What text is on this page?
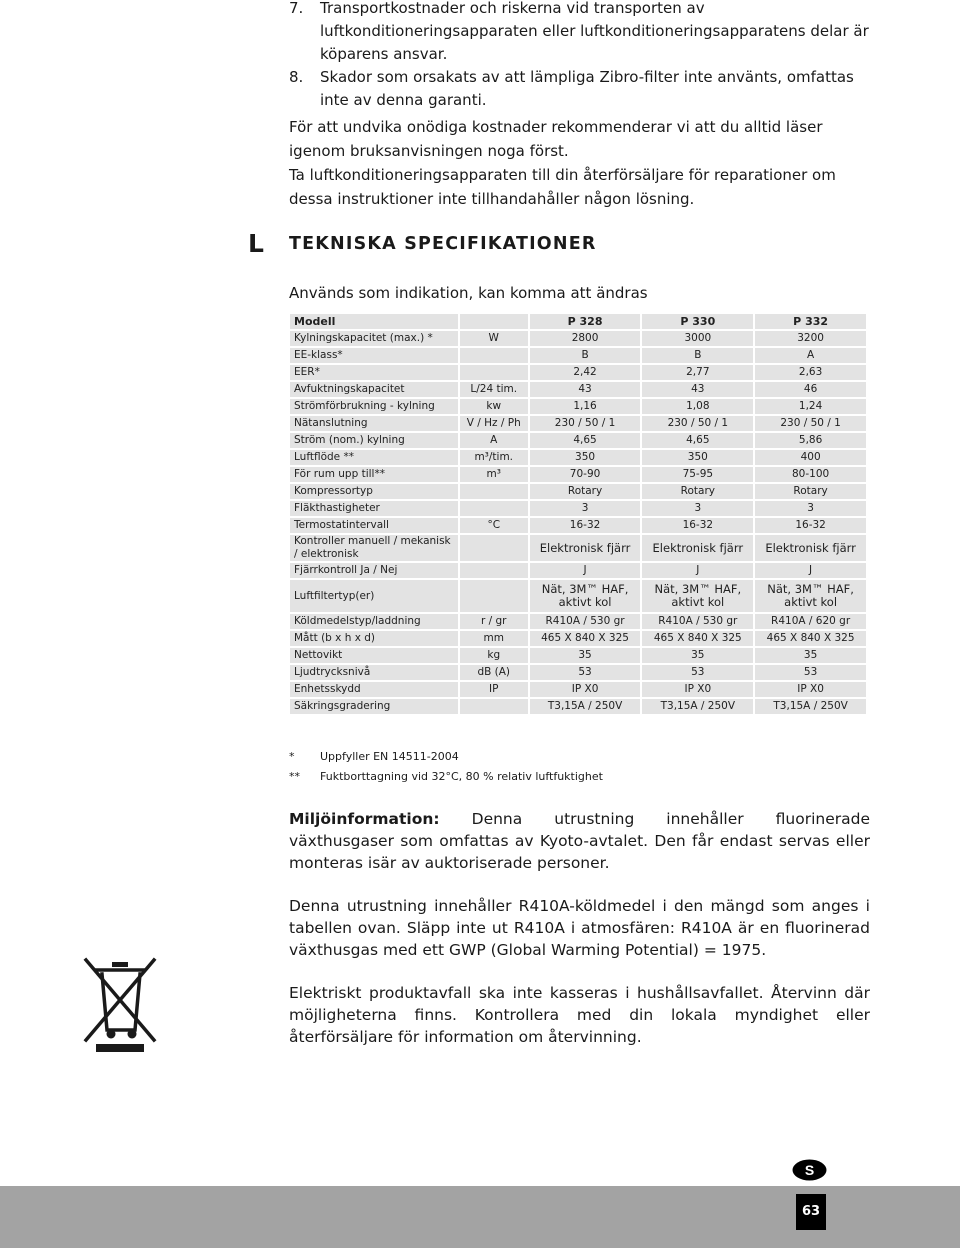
7.	Transportkostnader och riskerna vid transporten av luftkonditioneringsapparaten eller luftkonditioneringsapparatens delar är köparens ansvar.
8.	Skador som orsakats av att lämpliga Zibro-filter inte använts, omfattas inte av denna garanti.

För att undvika onödiga kostnader rekommenderar vi att du alltid läser igenom bruksanvisningen noga först.

Ta luftkonditioneringsapparaten till din återförsäljare för reparationer om dessa instruktioner inte tillhandahåller någon lösning.

L TEKNISKA SPECIFIKATIONER
Används som indikation, kan komma att ändras
Modell		P 328	P 330	P 332
Kylningskapacitet (max.) *	W	2800	3000	3200
EE-klass*		B	B	A
EER*		2,42	2,77	2,63
Avfuktningskapacitet	L/24 tim.	43	43	46
Strömförbrukning - kylning	kw	1,16	1,08	1,24
Nätanslutning	V / Hz / Ph	230 / 50 / 1	230 / 50 / 1	230 / 50 / 1
Ström (nom.) kylning	A	4,65	4,65	5,86
Luftflöde **	m³/tim.	350	350	400
För rum upp till**	m³	70-90	75-95	80-100
Kompressortyp		Rotary	Rotary	Rotary
Fläkthastigheter		3	3	3
Termostatintervall	°C	16-32	16-32	16-32
Kontroller manuell / mekanisk / elektronisk		Elektronisk fjärr	Elektronisk fjärr	Elektronisk fjärr
Fjärrkontroll Ja / Nej		J	J	J
Luftfiltertyp(er)		Nät, 3M™ HAF, aktivt kol	Nät, 3M™ HAF, aktivt kol	Nät, 3M™ HAF, aktivt kol
Köldmedelstyp/laddning	r / gr	R410A / 530 gr	R410A / 530 gr	R410A / 620 gr
Mått (b x h x d)	mm	465 X 840 X 325	465 X 840 X 325	465 X 840 X 325
Nettovikt	kg	35	35	35
Ljudtrycksnivå	dB (A)	53	53	53
Enhetsskydd	IP	IP X0	IP X0	IP X0
Säkringsgradering		T3,15A / 250V	T3,15A / 250V	T3,15A / 250V
* Uppfyller EN 14511-2004
** Fuktborttagning vid 32°C, 80 % relativ luftfuktighet

Miljöinformation: Denna utrustning innehåller fluorinerade växthusgaser som omfattas av Kyoto-avtalet. Den får endast servas eller monteras isär av auktoriserade personer.

Denna utrustning innehåller R410A-köldmedel i den mängd som anges i tabellen ovan. Släpp inte ut R410A i atmosfären: R410A är en fluorinerad växthusgas med ett GWP (Global Warming Potential) = 1975.

Elektriskt produktavfall ska inte kasseras i hushållsavfallet. Återvinn där möjligheterna finns. Kontrollera med din lokala myndighet eller återförsäljare för information om återvinning.

S
63
